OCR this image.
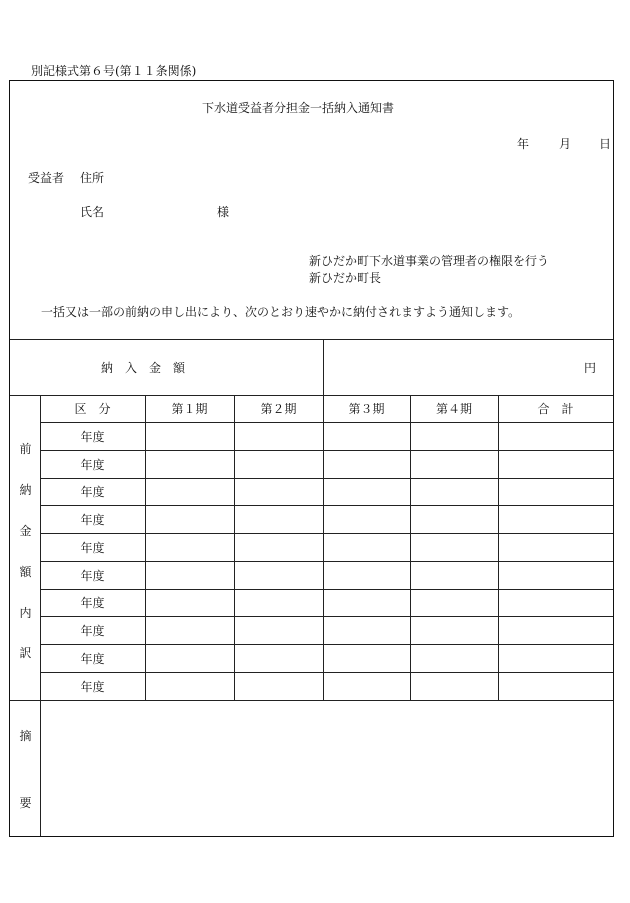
別記様式第６号(第１１条関係)
下水道受益者分担金一括納入通知書
年 月 日
受益者 住所
氏名	様
新ひだか町下水道事業の管理者の権限を行う
新ひだか町長
一括又は一部の前納の申し出により、次のとおり速やかに納付されますよう通知します。
納　入　金　額	円
前
納
金
額
内
訳
区　分	第１期	第２期	第３期	第４期	合　計
年度
年度
年度
年度
年度
年度
年度
年度
年度
年度
摘
要
